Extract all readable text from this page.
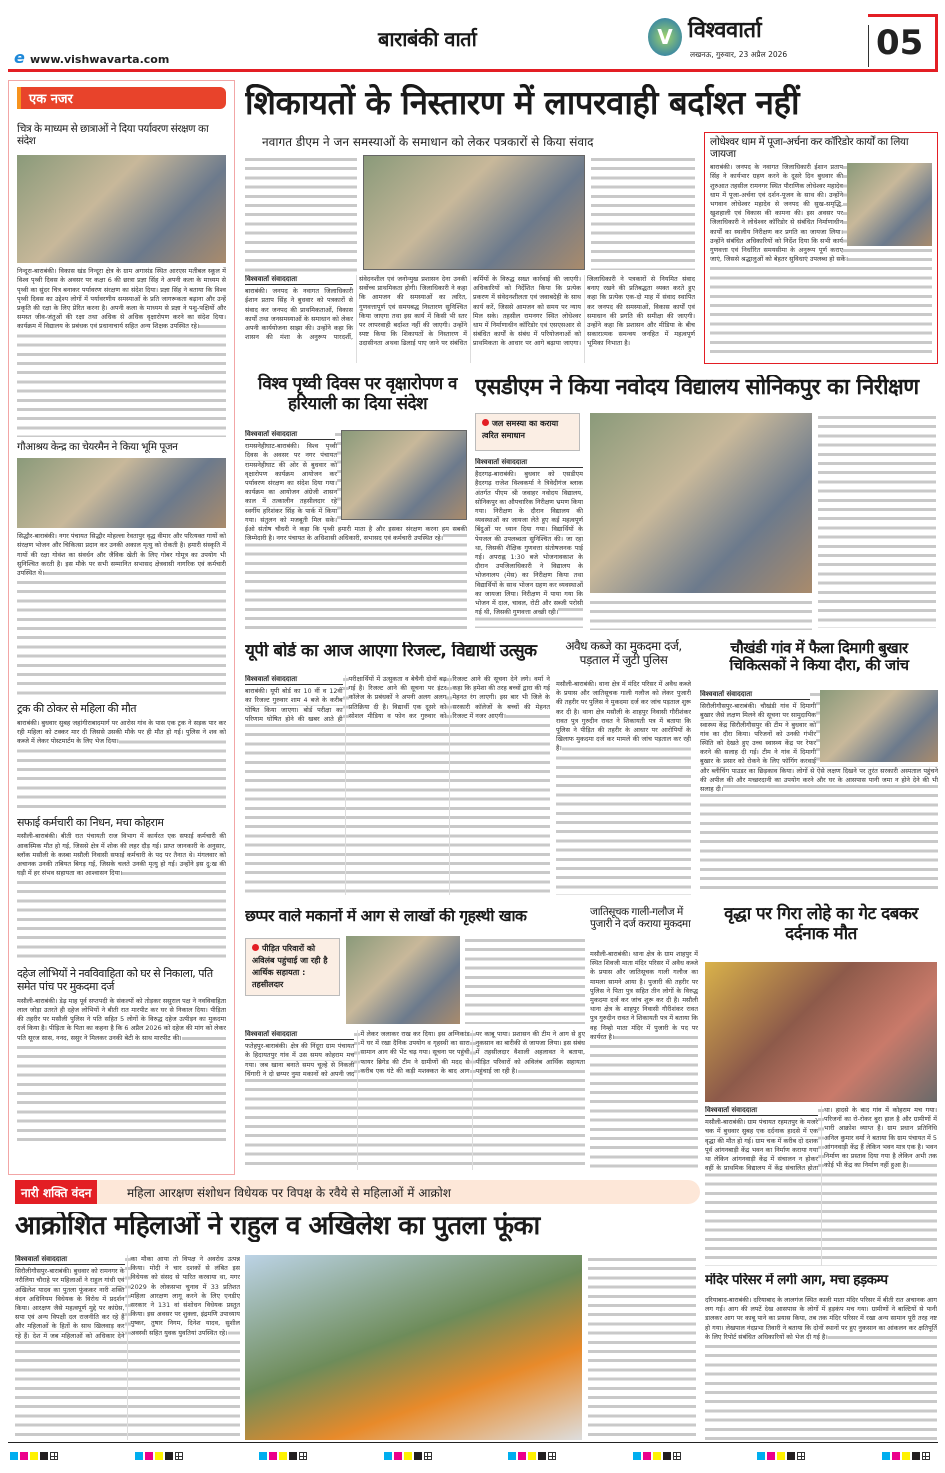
e www.vishwavarta.com
बाराबंकी वार्ता	V विश्ववार्ता
लखनऊ, गुरुवार, 23 अप्रैल 2026	05
एक नजर
चित्र के माध्यम से छात्राओं ने दिया पर्यावरण संरक्षण का संदेश
निन्दूरा-बाराबंकी। विकास खंड निन्दूरा क्षेत्र के ग्राम अगासंड स्थित आरएस मतीबल स्कूल में विश्व पृथ्वी दिवस के अवसर पर कक्षा 6 की छात्रा प्रज्ञा सिंह ने अपनी कला के माध्यम से पृथ्वी का सुंदर चित्र बनाकर पर्यावरण संरक्षण का संदेश दिया। प्रज्ञा सिंह ने बताया कि विश्व पृथ्वी दिवस का उद्देश्य लोगों में पर्यावरणीय समस्याओं के प्रति जागरूकता बढ़ाना और उन्हें प्रकृति की रक्षा के लिए प्रेरित करना है। अपनी कला के माध्यम से प्रज्ञा ने पशु-पक्षियों और समस्त जीव-जंतुओं की रक्षा तथा अधिक से अधिक वृक्षारोपण करने का संदेश दिया। कार्यक्रम में विद्यालय के प्रबंधक एवं प्रधानाचार्य सहित अन्य शिक्षक उपस्थित रहे।
गौआश्रय केन्द्र का चेयरमैन ने किया भूमि पूजन
सिद्धौर-बाराबंकी। नगर पंचायत सिद्धौर मोहल्ला रेवतापुर वृद्ध वीमार और परित्यक्त गायों को संरक्षण भोजन और चिकित्सा प्रदान कर उनकी अकाल मृत्यु को रोकती है। हमारी संस्कृति में गायों की रक्षा गोवंश का संवर्धन और जैविक खेती के लिए गोबर गोमूत्र का उपयोग भी सुनिश्चित करती है। इस मौके पर सभी सम्मानित सभासद क्षेत्रवासी नागरिक एवं कर्मचारी उपस्थित थे।
ट्रक की ठोकर से महिला की मौत
बाराबंकी। बुधवार सुबह जहांगीराबादमार्ग पर आरोस गांव के पास एक ट्रक ने सड़क पार कर रही महिला को टक्कर मार दी जिससे उसकी मौके पर ही मौत हो गई। पुलिस ने शव को कब्जे में लेकर पोस्टमार्टम के लिए भेज दिया।
सफाई कर्मचारी का निधन, मचा कोहराम
मसौली-बाराबंकी। बीती रात पंचायती राज विभाग में कार्यरत एक सफाई कर्मचारी की आकस्मिक मौत हो गई, जिससे क्षेत्र में शोक की लहर दौड़ गई। प्राप्त जानकारी के अनुसार, ब्लॉक मसौली के कस्बा मसौली निवासी सफाई कर्मचारी के पद पर तैनात थे। मंगलवार को अचानक उनकी तबियत बिगड़ गई, जिसके चलते उनकी मृत्यु हो गई। उन्होंने इस दु:ख की घड़ी में हर संभव सहायता का आश्वासन दिया।
दहेज लोभियों ने नवविवाहिता को घर से निकाला, पति समेत पांच पर मुकदमा दर्ज
मसौली-बाराबंकी। डेढ़ माह पूर्व सप्तपदी के संकल्पों को तोड़कर ससुराल पक्ष ने नवविवाहिता लाल जोड़ा उतरते ही दहेज लोभियों ने बीती रात मारपीट कर घर से निकाल दिया। पीड़िता की तहरीर पर मसौली पुलिस ने पति सहित 5 लोगों के विरुद्ध दहेज उत्पीड़न का मुकदमा दर्ज किया है। पीड़िता के पिता का कहना है कि 6 अप्रैल 2026 को दहेज की मांग को लेकर पति सूरज सास, ननद, ससुर ने मिलकर उनकी बेटी के साथ मारपीट की।
शिकायतों के निस्तारण में लापरवाही बर्दाश्त नहीं
नवागत डीएम ने जन समस्याओं के समाधान को लेकर पत्रकारों से किया संवाद
विश्ववार्ता संवाददाता
बाराबंकी। जनपद के नवागत जिलाधिकारी ईशान प्रताप सिंह ने बुधवार को पत्रकारों से संवाद कर जनपद की प्राथमिकताओं, विकास कार्यों तथा जनसमस्याओं के समाधान को लेकर अपनी कार्ययोजना साझा की। उन्होंने कहा कि शासन की मंशा के अनुरूप पारदर्शी, संवेदनशील एवं जनोन्मुख प्रशासन देना उनकी सर्वोच्च प्राथमिकता होगी। जिलाधिकारी ने कहा कि आमजन की समस्याओं का त्वरित, गुणवत्तापूर्ण एवं समयबद्ध निस्तारण सुनिश्चित किया जाएगा तथा इस कार्य में किसी भी स्तर पर लापरवाही बर्दाश्त नहीं की जाएगी। उन्होंने स्पष्ट किया कि शिकायतों के निस्तारण में उदासीनता अथवा ढिलाई पाए जाने पर संबंधित कर्मियों के विरुद्ध सख्त कार्रवाई की जाएगी। अधिकारियों को निर्देशित किया कि प्रत्येक प्रकरण में संवेदनशीलता एवं जवाबदेही के साथ कार्य करें, जिससे आमजन को समय पर न्याय मिल सके। तहसील रामनगर स्थित लोधेश्वर धाम में निर्माणाधीन कॉरिडोर एवं एसएसआर से संबंधित कार्यों के संबंध में परियोजनाओं को प्राथमिकता के आधार पर आगे बढ़ाया जाएगा। जिलाधिकारी ने पत्रकारों से नियमित संवाद बनाए रखने की प्रतिबद्धता व्यक्त करते हुए कहा कि प्रत्येक एक-दो माह में संवाद स्थापित कर जनपद की समस्याओं, विकास कार्यों एवं समाधान की प्रगति की समीक्षा की जाएगी। उन्होंने कहा कि प्रशासन और मीडिया के बीच सकारात्मक समन्वय जनहित में महत्वपूर्ण भूमिका निभाता है।
लोधेश्वर धाम में पूजा-अर्चना कर कॉरिडोर कार्यों का लिया जायजा
बाराबंकी। जनपद के नवागत जिलाधिकारी ईशान प्रताप सिंह ने कार्यभार ग्रहण करने के दूसरे दिन बुधवार की शुरुआत तहसील रामनगर स्थित पौराणिक लोधेश्वर महादेव धाम में पूजा-अर्चना एवं दर्शन-पूजन के साथ की। उन्होंने भगवान लोधेश्वर महादेव से जनपद की सुख-समृद्धि, खुशहाली एवं विकास की कामना की। इस अवसर पर जिलाधिकारी ने लोधेश्वर कॉरिडोर से संबंधित निर्माणाधीन कार्यों का स्थलीय निरीक्षण कर प्रगति का जायजा लिया। उन्होंने संबंधित अधिकारियों को निर्देश दिया कि सभी कार्य गुणवत्ता एवं निर्धारित समयसीमा के अनुरूप पूर्ण कराए जाएं, जिससे श्रद्धालुओं को बेहतर सुविधाएं उपलब्ध हो सकें।
विश्व पृथ्वी दिवस पर वृक्षारोपण व हरियाली का दिया संदेश
विश्ववार्ता संवाददाता
रामसनेहीघाट-बाराबंकी। विश्व पृथ्वी दिवस के अवसर पर नगर पंचायत रामसनेहीघाट की ओर से बुधवार को वृक्षारोपण कार्यक्रम आयोजन कर पर्यावरण संरक्षण का संदेश दिया गया। कार्यक्रम का आयोजन अंग्रेजी शासन काल में तत्कालीन तहसीलदार रहे स्वर्गीय हरिशंकर सिंह के पार्क में किया गया। संतुलन को मजबूती मिल सके। ईओ संतोष चौधरी ने कहा कि पृथ्वी हमारी माता है और इसका संरक्षण करना हम सबकी जिम्मेदारी है। नगर पंचायत के अधिशासी अधिकारी, सभासद एवं कर्मचारी उपस्थित रहे।
एसडीएम ने किया नवोदय विद्यालय सोनिकपुर का निरीक्षण
जल समस्या का कराया त्वरित समाधान
विश्ववार्ता संवाददाता
हैदरगढ़-बाराबंकी। बुधवार को एसडीएम हैदरगढ़ राजेश विश्वकर्मा ने त्रिवेदीगंज ब्लाक अंतर्गत पीएम श्री जवाहर नवोदय विद्यालय, सोनिकपुर का औपचारिक निरीक्षण भ्रमण किया गया। निरीक्षण के दौरान विद्यालय की व्यवस्थाओं का जायजा लेते हुए कई महत्वपूर्ण बिंदुओं पर ध्यान दिया गया। विद्यार्थियों के पेयजल की उपलब्धता सुनिश्चित की। जा रहा था, जिसकी शैक्षिक गुणवत्ता संतोषजनक पाई गई। अपराह्न 1:30 बजे भोजनावकाश के दौरान उपजिलाधिकारी ने विद्यालय के भोजनालय (मेस) का निरीक्षण किया तथा विद्यार्थियों के साथ भोजन ग्रहण कर व्यवस्थाओं का जायजा लिया। निरीक्षण में पाया गया कि भोजन में दाल, चावल, रोटी और सब्जी परोसी गई थी, जिसकी गुणवत्ता अच्छी रही।
यूपी बोर्ड का आज आएगा रिजल्ट, विद्यार्थी उत्सुक
विश्ववार्ता संवाददाता
बाराबंकी। यूपी बोर्ड का 10 वीं व 12वीं का रिजल्ट गुरुवार शाम 4 बजे के करीब घोषित किया जाएगा। बोर्ड परीक्षा का परिणाम घोषित होने की खबर आते ही परीक्षार्थियों में उत्सुकता व बेचैनी दोनों बढ़ गई है। रिजल्ट आने की सूचना पर इंटर कॉलेज के प्रबंधकों ने अपनी अलग अलग प्रतिक्रिया दी है। विद्यार्थी एक दूसरे को सोशल मीडिया व फोन कर गुरुवार को रिजल्ट आने की सूचना देने लगे। वर्मा ने कहा कि हमेशा की तरह बच्चों द्वारा की गई मेहनत रंग लाएगी। इस बार भी जिले के सरकारी कॉलेजों के बच्चों की मेहनत रिजल्ट में नजर आएगी।
अवैध कब्जे का मुकदमा दर्ज, पड़ताल में जुटी पुलिस
मसौली-बाराबंकी। थाना क्षेत्र में मंदिर परिसर में अवैध कब्जे के प्रयास और जातिसूचक गाली गलौज को लेकर पुजारी की तहरीर पर पुलिस ने मुकदमा दर्ज कर जांच पड़ताल शुरू कर दी है। थाना क्षेत्र मसौली के शाहपुर निवासी गौरीशंकर रावत पुत्र गुरुदीन रावत ने शिकायती पत्र में बताया कि पुलिस ने पीड़ित की तहरीर के आधार पर आरोपियों के खिलाफ मुकदमा दर्ज कर मामले की जांच पड़ताल कर रही है।
चौखंडी गांव में फैला दिमागी बुखार चिकित्सकों ने किया दौरा, की जांच
विश्ववार्ता संवाददाता
सिरौलीगौसपुर-बाराबंकी। चौखंडी गांव में दिमागी बुखार जैसे लक्षण मिलने की सूचना पर सामुदायिक स्वास्थ्य केंद्र सिरौलीगौसपुर की टीम ने बुधवार को गांव का दौरा किया। परिजनों को उनकी गंभीर स्थिति को देखते हुए उच्च स्वास्थ्य केंद्र पर रेफर करने की सलाह दी गई। टीम ने गांव में दिमागी बुखार के प्रसार को रोकने के लिए फॉगिंग करवाई और ब्लीचिंग पाउडर का छिड़काव किया। लोगों से ऐसे लक्षण दिखने पर तुरंत सरकारी अस्पताल पहुंचने की अपील की और मच्छरदानी का उपयोग करने और घर के आसपास पानी जमा न होने देने की भी सलाह दी।
छप्पर वाले मकानों में आग से लाखों की गृहस्थी खाक
पीड़ित परिवारों को अविलंब पहुंचाई जा रही है आर्थिक सहायता : तहसीलदार
विश्ववार्ता संवाददाता
फतेहपुर-बाराबंकी। क्षेत्र की निंदूरा ग्राम पंचायत के हिदायतपुर गांव में उस समय कोहराम मच गया। जब खाना बनाते समय चूल्हे से निकली चिंगारी ने दो छप्पर नुमा मकानों को अपनी जद में लेकर जलाकर राख कर दिया। इस अग्निकांड में घर में रखा दैनिक उपयोग व गृहस्थी का सारा सामान आग की भेंट चढ़ गया। सूचना पर पहुंची फायर ब्रिगेड की टीम ने ग्रामीणों की मदद से करीब एक घंटे की कड़ी मशक्कत के बाद आग पर काबू पाया। प्रशासन की टीम ने आग से हुए नुकसान का बारीकी से जायजा लिया। इस संबंध में तहसीलदार वैशाली अहलावत ने बताया, पीड़ित परिवारों को अविलंब आर्थिक सहायता पहुंचाई जा रही है।
जातिसूचक गाली-गलौज में पुजारी ने दर्ज कराया मुकदमा
मसौली-बाराबंकी। थाना क्षेत्र के ग्राम शाहपुर में स्थित शिवजी माता मंदिर परिसर में अवैध कब्जे के प्रयास और जातिसूचक गाली गलौज का मामला सामने आया है। पुजारी की तहरीर पर पुलिस ने पिता पुत्र सहित तीन लोगों के विरुद्ध मुकदमा दर्ज कर जांच शुरू कर दी है। मसौली थाना क्षेत्र के शाहपुर निवासी गौरीशंकर रावत पुत्र गुरुदीन रावत ने शिकायती पत्र में बताया कि वह निम्हो माता मंदिर में पुजारी के पद पर कार्यरत है।
वृद्धा पर गिरा लोहे का गेट दबकर दर्दनाक मौत
विश्ववार्ता संवाददाता
मसौली-बाराबंकी। ग्राम पंचायत रहमतपुर के मजरे चक में बुधवार सुबह एक दर्दनाक हादसे में एक वृद्धा की मौत हो गई। ग्राम चक में करीब दो दशक पूर्व आंगनबाड़ी केंद्र भवन का निर्माण कराया गया था लेकिन आंगनवाड़ी केंद्र में संचालन न होकर वहीं के प्राथमिक विद्यालय में केंद्र संचालित होता था। हादसे के बाद गांव में कोहराम मच गया। परिजनों का रो-रोकर बुरा हाल है और ग्रामीणों में भारी आक्रोश व्याप्त है। ग्राम प्रधान प्रतिनिधि अनिल कुमार वर्मा ने बताया कि ग्राम पंचायत में 5 आंगनवाड़ी केंद्र हैं लेकिन भवन मात्र एक है। भवन निर्माण का प्रस्ताव दिया गया है लेकिन अभी तक कोई भी केंद्र का निर्माण नहीं हुआ है।
नारी शक्ति वंदन	महिला आरक्षण संशोधन विधेयक पर विपक्ष के रवैये से महिलाओं में आक्रोश
आक्रोशित महिलाओं ने राहुल व अखिलेश का पुतला फूंका
विश्ववार्ता संवाददाता
सिरौलीगौसपुर-बाराबंकी। बुधवार को रामनगर के नरौलिया चौराहे पर महिलाओं ने राहुल गांधी एवं अखिलेश यादव का पुतला फूंककर नारी शक्ति वंदन अधिनियम विधेयक के विरोध में प्रदर्शन किया। आरक्षण जैसे महत्वपूर्ण मुद्दे पर कांग्रेस, सपा एवं अन्य विपक्षी दल राजनीति कर रहे हैं और महिलाओं के हितों के साथ खिलवाड़ कर रहे हैं। देश में जब महिलाओं को अधिकार देने का मौका आया तो विपक्ष ने अवरोध उत्पन्न किया। मोदी ने चार दशकों से लंबित इस विधेयक को संसद से पारित करवाया था, मगर 2029 के लोकसभा चुनाव में 33 प्रतिशत महिला आरक्षण लागू करने के लिए एनडीए सरकार ने 131 वां संशोधन विधेयक प्रस्तुत किया। इस अवसर पर शुक्ला, इंद्रमणि उपाध्याय पुष्कर, तुषार निगम, दिनेश यादव, सुशील अवस्थी सहित युवक युवतियां उपस्थित रहे।
मंदिर परिसर में लगी आग, मचा हड़कम्प
दरियाबाद-बाराबंकी। दरियाबाद के लालगंज स्थित काली माता मंदिर परिसर में बीती रात अचानक आग लग गई। आग की लपटें देख आसपास के लोगों में हड़कंप मच गया। ग्रामीणों ने बाल्टियों से पानी डालकर आग पर काबू पाने का प्रयास किया, तब तक मंदिर परिसर में रखा अन्य सामान पूरी तरह नष्ट हो गया। लेखपाल नंदप्रभा तिवारी ने बताया कि दोनों स्थानों पर हुए नुकसान का आंकलन कर क्षतिपूर्ति के लिए रिपोर्ट संबंधित अधिकारियों को भेज दी गई है।
